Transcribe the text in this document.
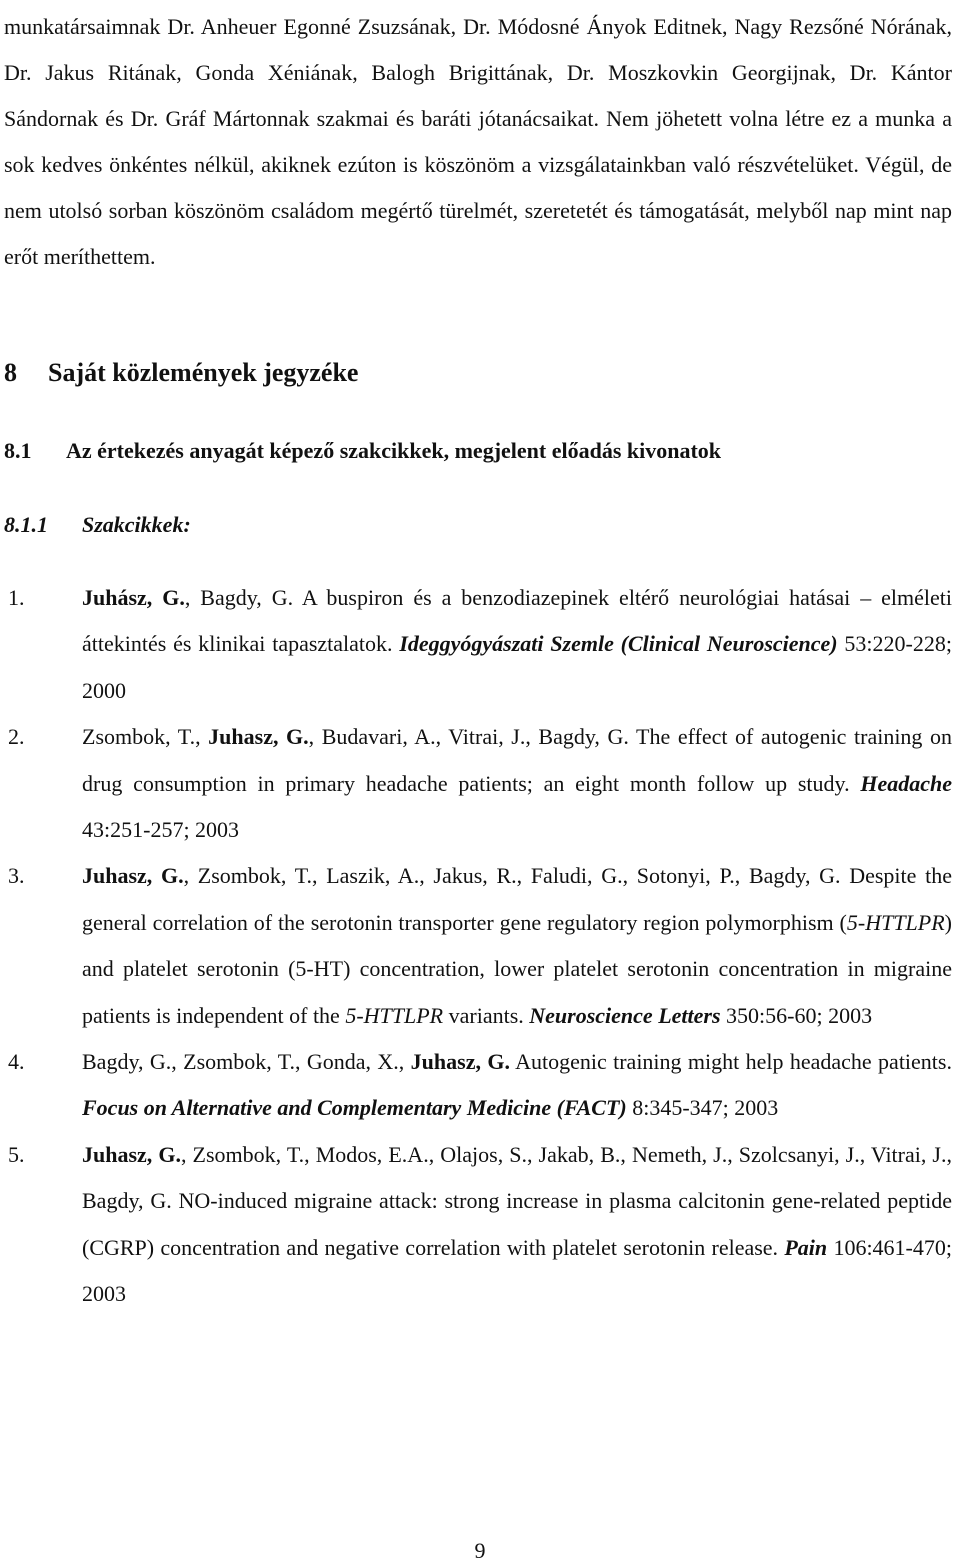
munkatársaimnak Dr. Anheuer Egonné Zsuzsának, Dr. Módosné Ányok Editnek, Nagy Rezsőné Nórának, Dr. Jakus Ritának, Gonda Xéniának, Balogh Brigittának, Dr. Moszkovkin Georgijnak, Dr. Kántor Sándornak és Dr. Gráf Mártonnak szakmai és baráti jótanácsaikat. Nem jöhetett volna létre ez a munka a sok kedves önkéntes nélkül, akiknek ezúton is köszönöm a vizsgálatainkban való részvételüket. Végül, de nem utolsó sorban köszönöm családom megértő türelmét, szeretetét és támogatását, melyből nap mint nap erőt meríthettem.

8 Saját közlemények jegyzéke
8.1 Az értekezés anyagát képező szakcikkek, megjelent előadás kivonatok
8.1.1 Szakcikkek:
1.	Juhász, G., Bagdy, G. A buspiron és a benzodiazepinek eltérő neurológiai hatásai – elméleti áttekintés és klinikai tapasztalatok. Ideggyógyászati Szemle (Clinical Neuroscience) 53:220-228; 2000
2.	Zsombok, T., Juhasz, G., Budavari, A., Vitrai, J., Bagdy, G. The effect of autogenic training on drug consumption in primary headache patients; an eight month follow up study. Headache 43:251-257; 2003
3.	Juhasz, G., Zsombok, T., Laszik, A., Jakus, R., Faludi, G., Sotonyi, P., Bagdy, G. Despite the general correlation of the serotonin transporter gene regulatory region polymorphism (5-HTTLPR) and platelet serotonin (5-HT) concentration, lower platelet serotonin concentration in migraine patients is independent of the 5-HTTLPR variants. Neuroscience Letters 350:56-60; 2003
4.	Bagdy, G., Zsombok, T., Gonda, X., Juhasz, G. Autogenic training might help headache patients. Focus on Alternative and Complementary Medicine (FACT) 8:345-347; 2003
5.	Juhasz, G., Zsombok, T., Modos, E.A., Olajos, S., Jakab, B., Nemeth, J., Szolcsanyi, J., Vitrai, J., Bagdy, G. NO-induced migraine attack: strong increase in plasma calcitonin gene-related peptide (CGRP) concentration and negative correlation with platelet serotonin release. Pain 106:461-470; 2003
9
